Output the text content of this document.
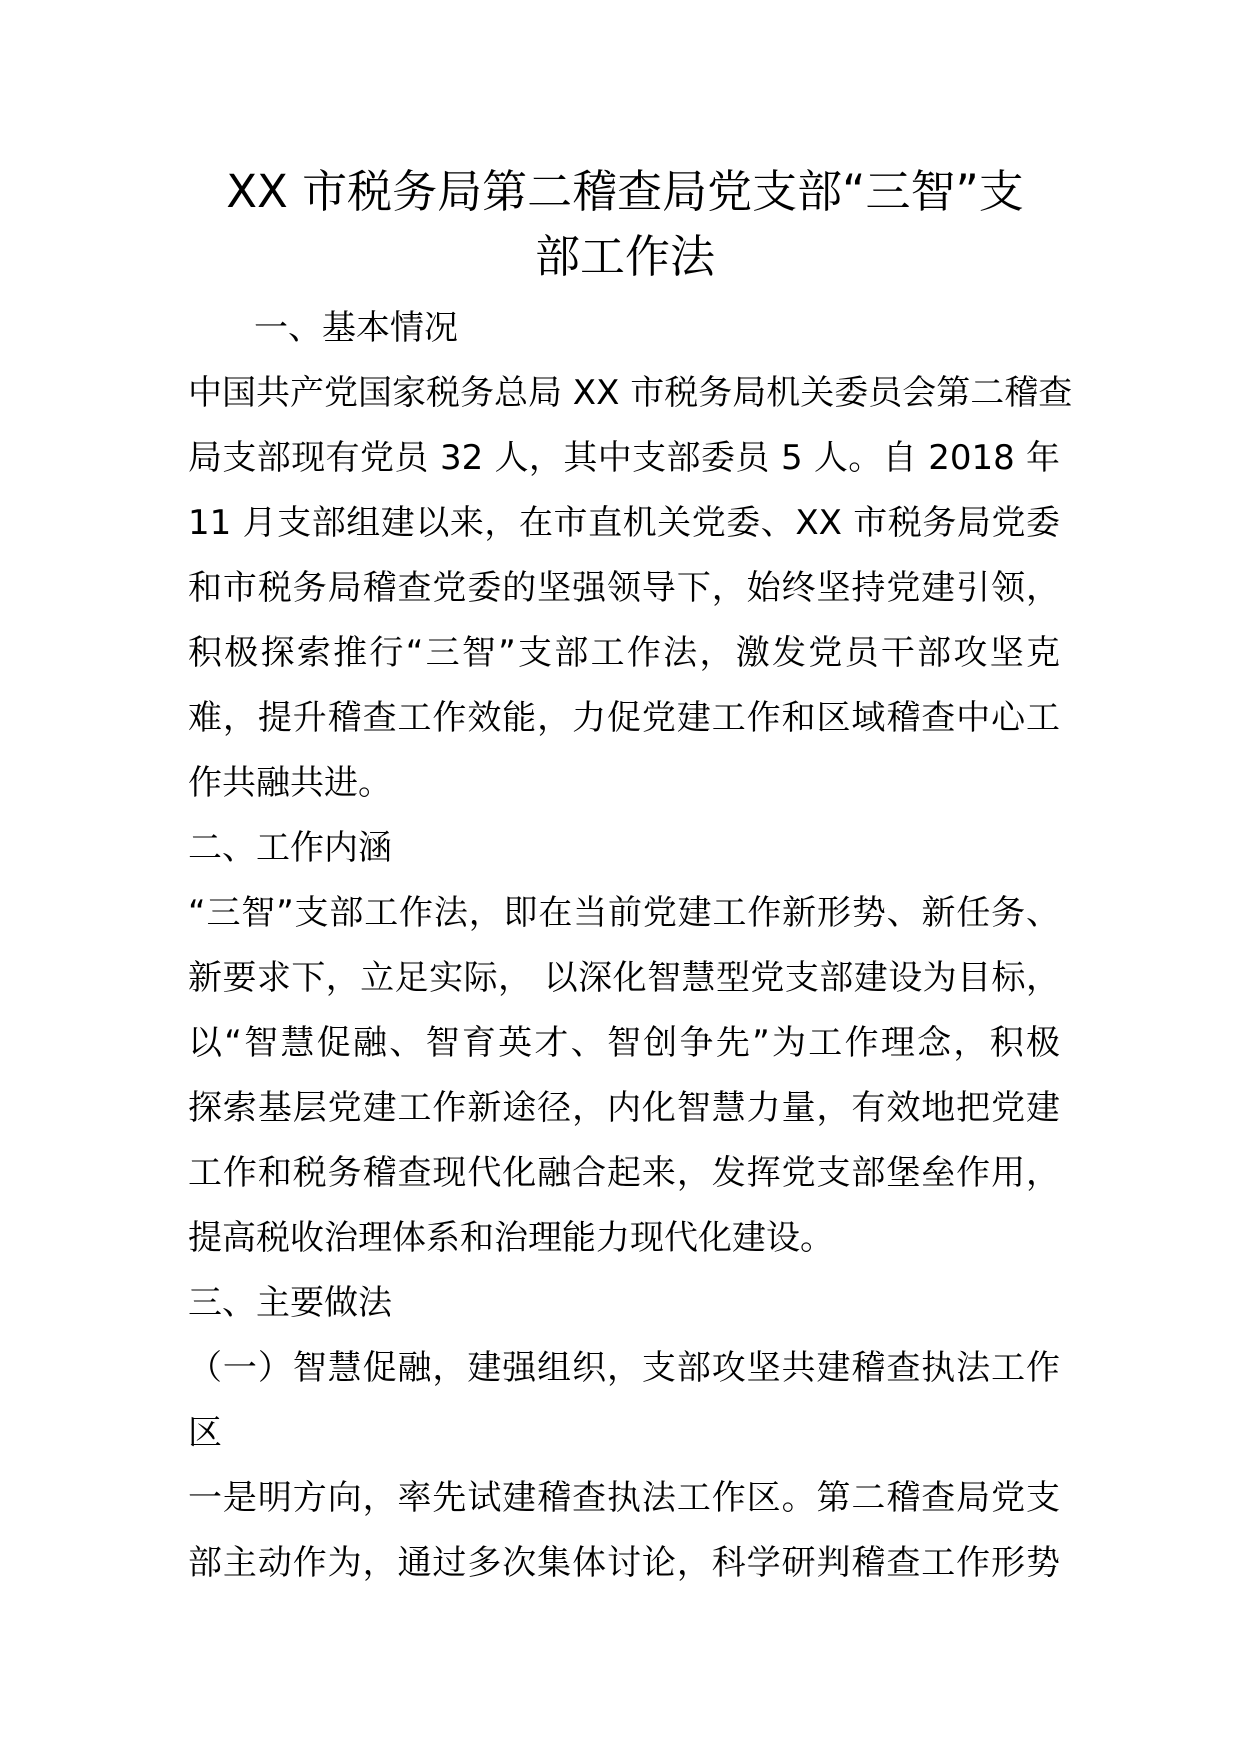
XX 市税务局第二稽查局党支部“三智”支
部工作法
一、基本情况
中国共产党国家税务总局 XX 市税务局机关委员会第二稽查
局支部现有党员 32 人，其中支部委员 5 人。自 2018 年
11 月支部组建以来，在市直机关党委、XX 市税务局党委
和市税务局稽查党委的坚强领导下，始终坚持党建引领，
积极探索推行“三智”支部工作法，激发党员干部攻坚克
难，提升稽查工作效能，力促党建工作和区域稽查中心工
作共融共进。
二、工作内涵
“三智”支部工作法，即在当前党建工作新形势、新任务、
新要求下，立足实际， 以深化智慧型党支部建设为目标，
以“智慧促融、智育英才、智创争先”为工作理念，积极
探索基层党建工作新途径，内化智慧力量，有效地把党建
工作和税务稽查现代化融合起来，发挥党支部堡垒作用，
提高税收治理体系和治理能力现代化建设。
三、主要做法
（一）智慧促融，建强组织，支部攻坚共建稽查执法工作
区
一是明方向，率先试建稽查执法工作区。第二稽查局党支
部主动作为，通过多次集体讨论，科学研判稽查工作形势
